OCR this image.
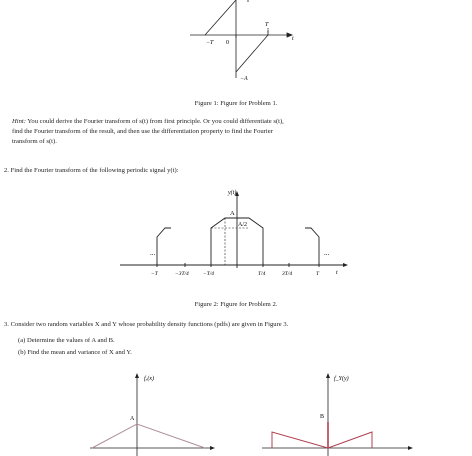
−T 0
T
t
−A
Figure 1: Figure for Problem 1.
Hint: You could derive the Fourier transform of s(t) from first principle. Or you could differentiate s(t),
find the Fourier transform of the result, and then use the differentiation property to find the Fourier
transform of s(t).
2. Find the Fourier transform of the following periodic signal y(t):
y(t)
A
A/2
...	...
t
−T	−3T/4	−T/4	T/4	3T/4	T
Figure 2: Figure for Problem 2.
3. Consider two random variables X and Y whose probability density functions (pdfs) are given in Figure 3.
(a) Determine the values of A and B.
(b) Find the mean and variance of X and Y.
fₓ(x)
A
f_Y(y)
B
